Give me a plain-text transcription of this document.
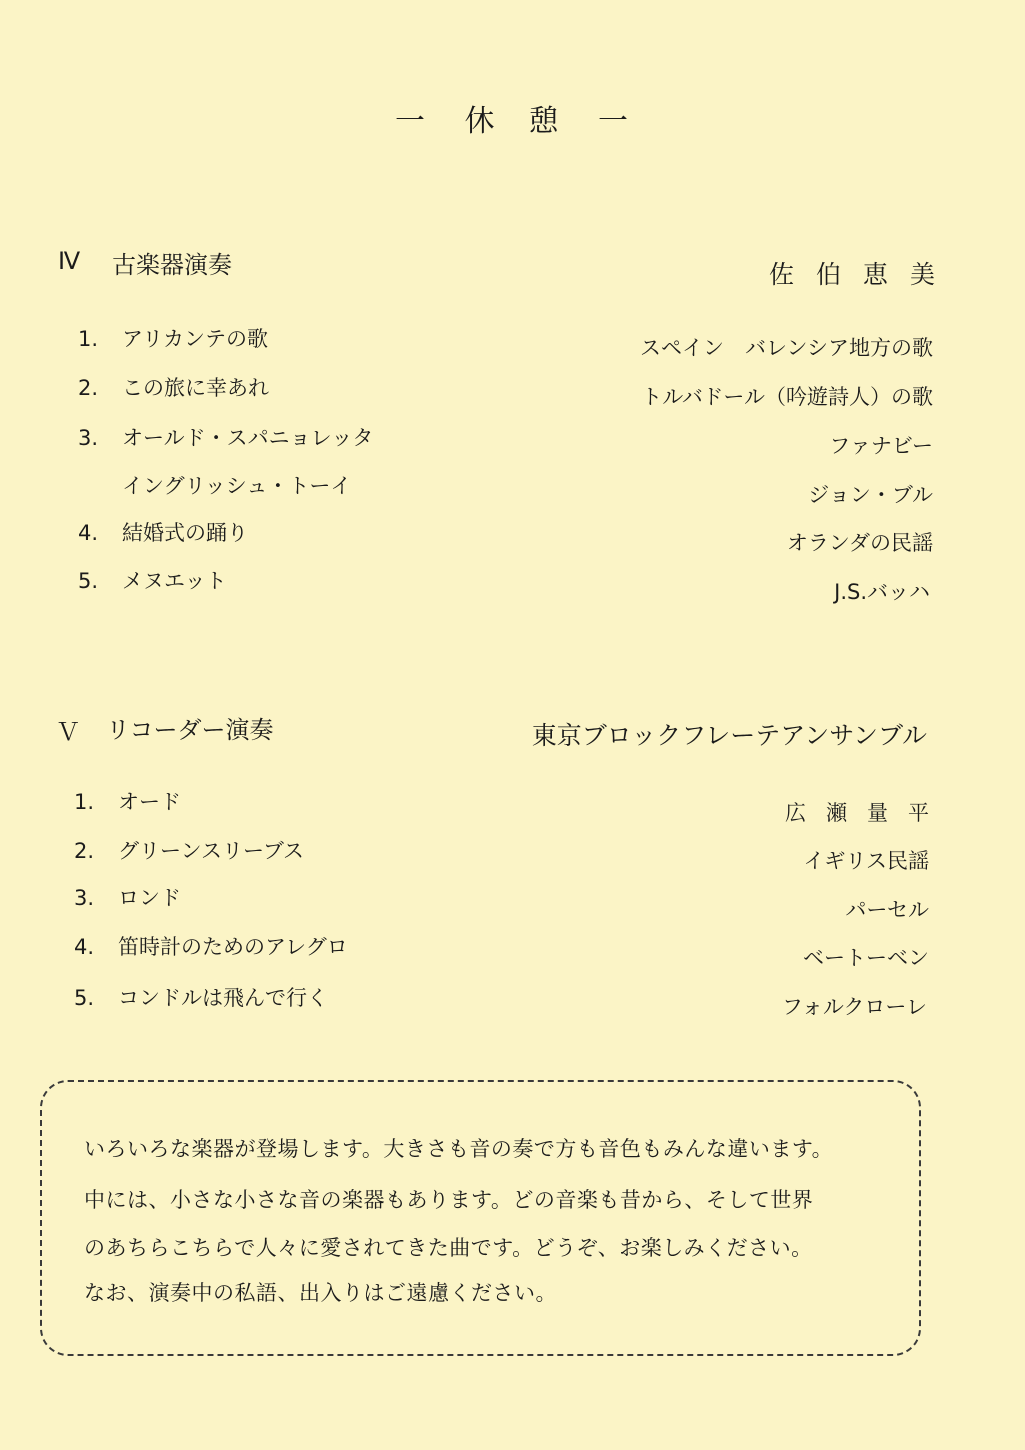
一 休　憩 一
Ⅳ 古楽器演奏	佐伯恵美
1. アリカンテの歌	スペイン　バレンシア地方の歌
2. この旅に幸あれ	トルバドール（吟遊詩人）の歌
3. オールド・スパニョレッタ	ファナビー
イングリッシュ・トーイ	ジョン・ブル
4. 結婚式の踊り	オランダの民謡
5. メヌエット	J.S.バッハ
Ｖ リコーダー演奏	東京ブロックフレーテアンサンブル
1. オード	広瀬量平
2. グリーンスリーブス	イギリス民謡
3. ロンド	パーセル
4. 笛時計のためのアレグロ	ベートーベン
5. コンドルは飛んで行く	フォルクローレ
いろいろな楽器が登場します。大きさも音の奏で方も音色もみんな違います。
中には、小さな小さな音の楽器もあります。どの音楽も昔から、そして世界
のあちらこちらで人々に愛されてきた曲です。どうぞ、お楽しみください。
なお、演奏中の私語、出入りはご遠慮ください。
